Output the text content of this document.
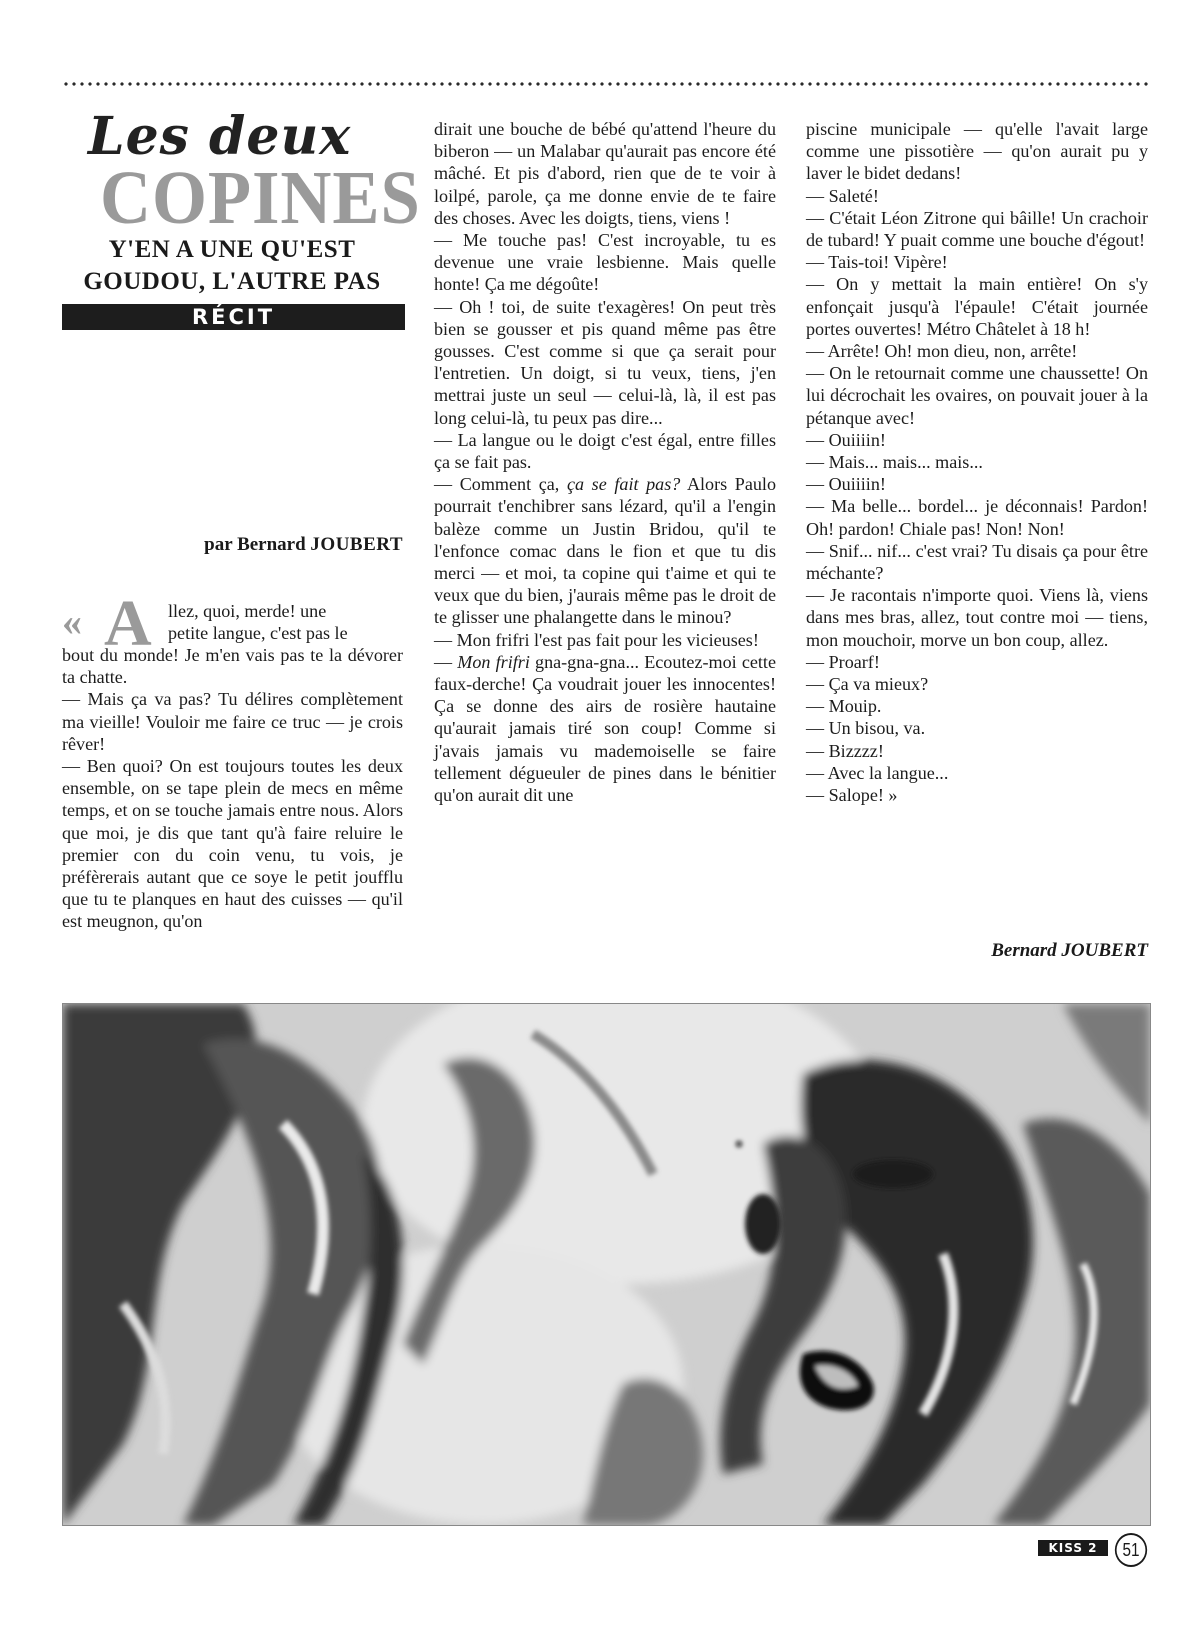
Les deux
COPINES
Y'EN A UNE QU'EST
GOUDOU, L'AUTRE PAS
RÉCIT
par Bernard JOUBERT
« A llez, quoi, merde! une
petite langue, c'est pas le

bout du monde! Je m'en vais pas te la dévorer ta chatte.

— Mais ça va pas? Tu délires complètement ma vieille! Vouloir me faire ce truc — je crois rêver!

— Ben quoi? On est toujours toutes les deux ensemble, on se tape plein de mecs en même temps, et on se touche jamais entre nous. Alors que moi, je dis que tant qu'à faire reluire le premier con du coin venu, tu vois, je préfèrerais autant que ce soye le petit joufflu que tu te planques en haut des cuisses — qu'il est meugnon, qu'on

dirait une bouche de bébé qu'attend l'heure du biberon — un Malabar qu'aurait pas encore été mâché. Et pis d'abord, rien que de te voir à loilpé, parole, ça me donne envie de te faire des choses. Avec les doigts, tiens, viens !

— Me touche pas! C'est incroyable, tu es devenue une vraie lesbienne. Mais quelle honte! Ça me dégoûte!

— Oh ! toi, de suite t'exagères! On peut très bien se gousser et pis quand même pas être gousses. C'est comme si que ça serait pour l'entretien. Un doigt, si tu veux, tiens, j'en mettrai juste un seul — celui-là, là, il est pas long celui-là, tu peux pas dire...

— La langue ou le doigt c'est égal, entre filles ça se fait pas.

— Comment ça, ça se fait pas? Alors Paulo pourrait t'enchibrer sans lézard, qu'il a l'engin balèze comme un Justin Bridou, qu'il te l'enfonce comac dans le fion et que tu dis merci — et moi, ta copine qui t'aime et qui te veux que du bien, j'aurais même pas le droit de te glisser une phalangette dans le minou?

— Mon frifri l'est pas fait pour les vicieuses!

— Mon frifri gna-gna-gna... Ecoutez-moi cette faux-derche! Ça voudrait jouer les innocentes! Ça se donne des airs de rosière hautaine qu'aurait jamais tiré son coup! Comme si j'avais jamais vu mademoiselle se faire tellement dégueuler de pines dans le bénitier qu'on aurait dit une

piscine municipale — qu'elle l'avait large comme une pissotière — qu'on aurait pu y laver le bidet dedans!

— Saleté!

— C'était Léon Zitrone qui bâille! Un crachoir de tubard! Y puait comme une bouche d'égout!

— Tais-toi! Vipère!

— On y mettait la main entière! On s'y enfonçait jusqu'à l'épaule! C'était journée portes ouvertes! Métro Châtelet à 18 h!

— Arrête! Oh! mon dieu, non, arrête!

— On le retournait comme une chaussette! On lui décrochait les ovaires, on pouvait jouer à la pétanque avec!

— Ouiiiin!

— Mais... mais... mais...

— Ouiiiin!

— Ma belle... bordel... je déconnais! Pardon! Oh! pardon! Chiale pas! Non! Non!

— Snif... nif... c'est vrai? Tu disais ça pour être méchante?

— Je racontais n'importe quoi. Viens là, viens dans mes bras, allez, tout contre moi — tiens, mon mouchoir, morve un bon coup, allez.

— Proarf!

— Ça va mieux?

— Mouip.

— Un bisou, va.

— Bizzzz!

— Avec la langue...

— Salope! »

Bernard JOUBERT
KISS 2	51
